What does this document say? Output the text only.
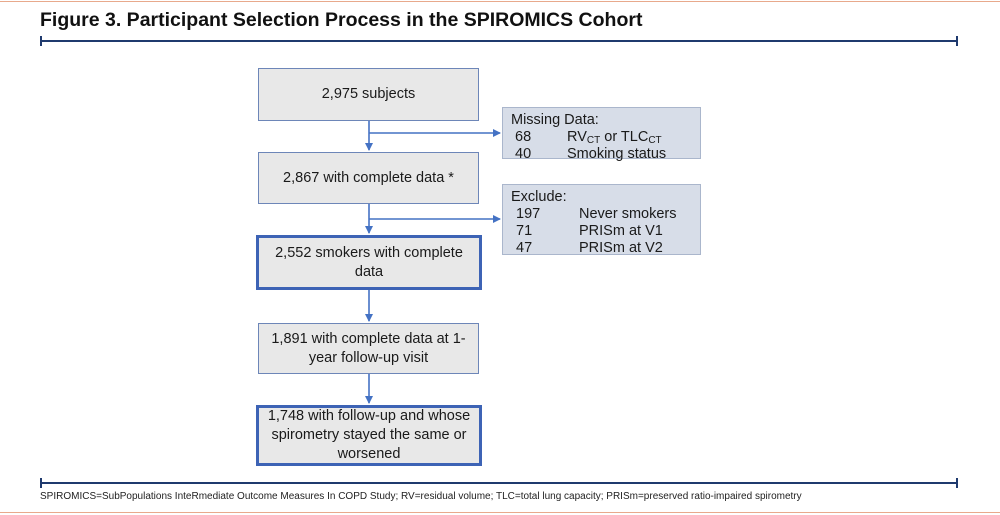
Figure 3. Participant Selection Process in the SPIROMICS Cohort
2,975 subjects
2,867 with complete data *
2,552 smokers with complete data
1,891 with complete data at 1-year follow-up visit
1,748 with follow-up and whose spirometry stayed the same or worsened
Missing Data:
68 $RV_{CT}$ or $TLC_{CT}$
40 Smoking status
Exclude:
197	Never smokers
71	PRISm at V1
47	PRISm at V2
SPIROMICS=SubPopulations InteRmediate Outcome Measures In COPD Study; RV=residual volume; TLC=total lung capacity; PRISm=preserved ratio-impaired spirometry
